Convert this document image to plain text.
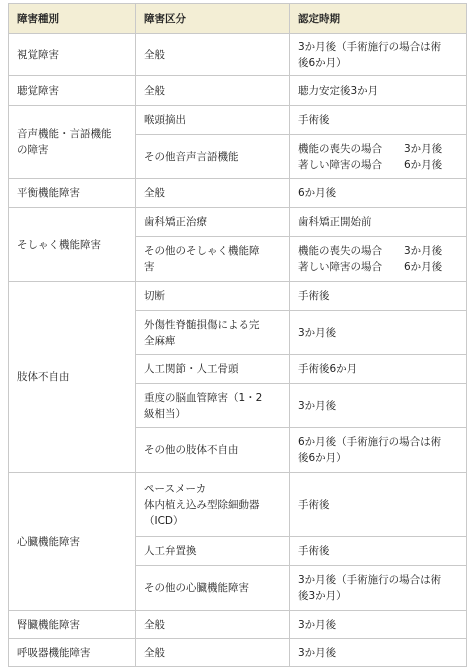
障害種別	障害区分	認定時期
視覚障害	全般	3か月後（手術施行の場合は術
後6か月）

聴覚障害	全般	聴力安定後3か月

音声機能・言語機能
の障害	喉頭摘出	手術後
	その他音声言語機能	機能の喪失の場合 3か月後
著しい障害の場合 6か月後

平衡機能障害	全般	6か月後
そしゃく機能障害	歯科矯正治療	歯科矯正開始前

	その他のそしゃく機能障
害	機能の喪失の場合 3か月後
著しい障害の場合 6か月後

肢体不自由	切断	手術後

	外傷性脊髄損傷による完
全麻痺	3か月後
	人工関節・人工骨頭	手術後6か月

	重度の脳血管障害（1・2
級相当）	3か月後
	その他の肢体不自由	6か月後（手術施行の場合は術
後6か月）

心臓機能障害	ペースメーカ
体内植え込み型除細動器
（ICD）	手術後
	人工弁置換	手術後
	その他の心臓機能障害	3か月後（手術施行の場合は術
後3か月）

腎臓機能障害	全般	3か月後
呼吸器機能障害	全般	3か月後
